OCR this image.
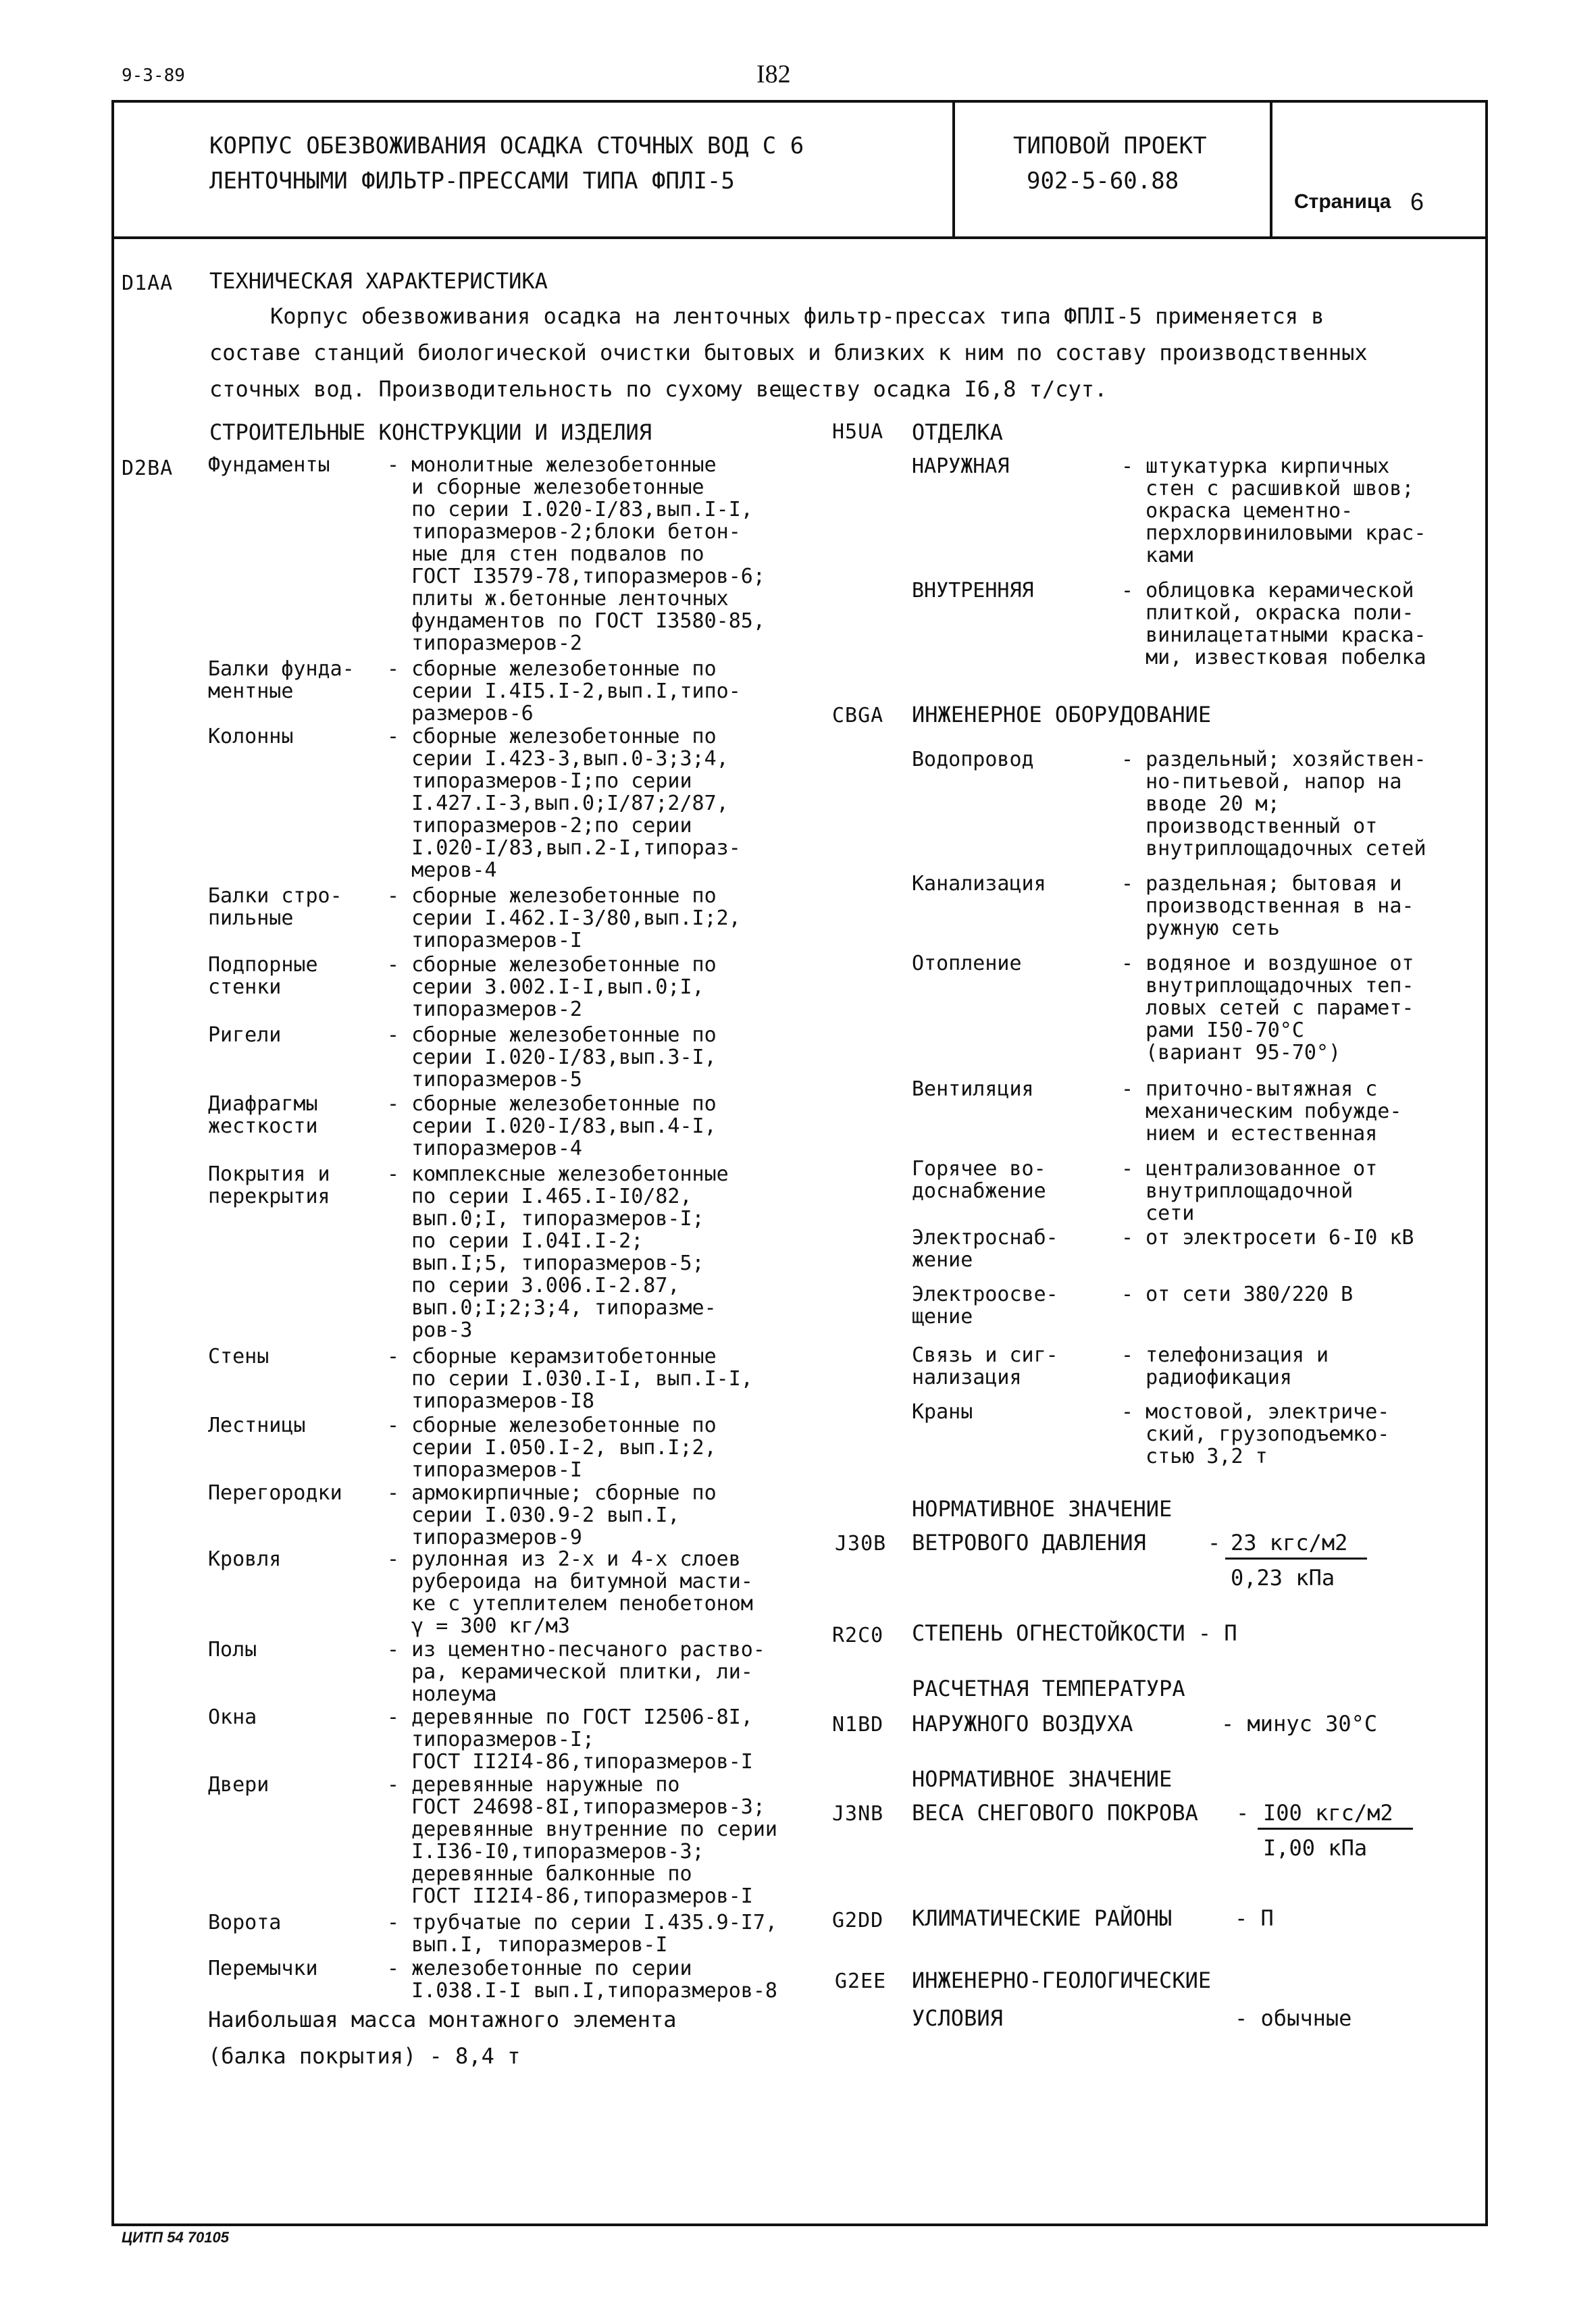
9-3-89	I82
КОРПУС ОБЕЗВОЖИВАНИЯ ОСАДКА СТОЧНЫХ ВОД С 6
ЛЕНТОЧНЫМИ ФИЛЬТР-ПРЕССАМИ ТИПА ФПЛI-5
ТИПОВОЙ ПРОЕКТ
902-5-60.88
Страница 6
D1AA ТЕХНИЧЕСКАЯ ХАРАКТЕРИСТИКА
Корпус обезвоживания осадка на ленточных фильтр-прессах типа ФПЛI-5 применяется в
составе станций биологической очистки бытовых и близких к ним по составу производственных
сточных вод. Производительность по сухому веществу осадка I6,8 т/сут.
СТРОИТЕЛЬНЫЕ КОНСТРУКЦИИ И ИЗДЕЛИЯ
D2BA Фундаменты	- монолитные железобетонные
и сборные железобетонные
по серии I.020-I/83,вып.I-I,
типоразмеров-2;блоки бетон-
ные для стен подвалов по
ГОСТ I3579-78,типоразмеров-6;
плиты ж.бетонные ленточных
фундаментов по ГОСТ I3580-85,
типоразмеров-2
Балки фунда-
ментные
- сборные железобетонные по
серии I.4I5.I-2,вып.I,типо-
размеров-6
Колонны	- сборные железобетонные по
серии I.423-3,вып.0-3;3;4,
типоразмеров-I;по серии
I.427.I-3,вып.0;I/87;2/87,
типоразмеров-2;по серии
I.020-I/83,вып.2-I,типораз-
меров-4
Балки стро-
пильные
- сборные железобетонные по
серии I.462.I-3/80,вып.I;2,
типоразмеров-I
Подпорные
стенки
- сборные железобетонные по
серии 3.002.I-I,вып.0;I,
типоразмеров-2
Ригели	- сборные железобетонные по
серии I.020-I/83,вып.3-I,
типоразмеров-5
Диафрагмы
жесткости
- сборные железобетонные по
серии I.020-I/83,вып.4-I,
типоразмеров-4
Покрытия и
перекрытия
- комплексные железобетонные
по серии I.465.I-I0/82,
вып.0;I, типоразмеров-I;
по серии I.04I.I-2;
вып.I;5, типоразмеров-5;
по серии 3.006.I-2.87,
вып.0;I;2;3;4, типоразме-
ров-3
Стены	- сборные керамзитобетонные
по серии I.030.I-I, вып.I-I,
типоразмеров-I8
Лестницы	- сборные железобетонные по
серии I.050.I-2, вып.I;2,
типоразмеров-I
Перегородки - армокирпичные; сборные по
серии I.030.9-2 вып.I,
типоразмеров-9
Кровля	- рулонная из 2-х и 4-х слоев
рубероида на битумной масти-
ке с утеплителем пенобетоном
γ = 300 кг/м3
Полы	- из цементно-песчаного раство-
ра, керамической плитки, ли-
нолеума
Окна	- деревянные по ГОСТ I2506-8I,
типоразмеров-I;
ГОСТ II2I4-86,типоразмеров-I
Двери	- деревянные наружные по
ГОСТ 24698-8I,типоразмеров-3;
деревянные внутренние по серии
I.I36-I0,типоразмеров-3;
деревянные балконные по
ГОСТ II2I4-86,типоразмеров-I
Ворота	- трубчатые по серии I.435.9-I7,
вып.I, типоразмеров-I
Перемычки	- железобетонные по серии
I.038.I-I вып.I,типоразмеров-8
Наибольшая масса монтажного элемента
(балка покрытия) - 8,4 т
H5UA ОТДЕЛКА
НАРУЖНАЯ	- штукатурка кирпичных
стен с расшивкой швов;
окраска цементно-
перхлорвиниловыми крас-
ками
ВНУТРЕННЯЯ	- облицовка керамической
плиткой, окраска поли-
винилацетатными краска-
ми, известковая побелка
CBGA ИНЖЕНЕРНОЕ ОБОРУДОВАНИЕ
Водопровод	- раздельный; хозяйствен-
но-питьевой, напор на
вводе 20 м;
производственный от
внутриплощадочных сетей
Канализация	- раздельная; бытовая и
производственная в на-
ружную сеть
Отопление	- водяное и воздушное от
внутриплощадочных теп-
ловых сетей с парамет-
рами I50-70°С
(вариант 95-70°)
Вентиляция	- приточно-вытяжная с
механическим побужде-
нием и естественная
Горячее во-
доснабжение
- централизованное от
внутриплощадочной
сети
Электроснаб-
жение
- от электросети 6-I0 кВ
Электроосве-
щение
- от сети 380/220 В
Связь и сиг-
нализация
- телефонизация и
радиофикация
Краны	- мостовой, электриче-
ский, грузоподъемко-
стью 3,2 т
НОРМАТИВНОЕ ЗНАЧЕНИЕ
J30B ВЕТРОВОГО ДАВЛЕНИЯ	- 23 кгс/м2
0,23 кПа
R2C0 СТЕПЕНЬ ОГНЕСТОЙКОСТИ - П
РАСЧЕТНАЯ ТЕМПЕРАТУРА
N1BD НАРУЖНОГО ВОЗДУХА	- минус 30°С
НОРМАТИВНОЕ ЗНАЧЕНИЕ
J3NB ВЕСА СНЕГОВОГО ПОКРОВА - I00 кгс/м2
I,00 кПа
G2DD КЛИМАТИЧЕСКИЕ РАЙОНЫ	- П
G2EE ИНЖЕНЕРНО-ГЕОЛОГИЧЕСКИЕ
УСЛОВИЯ	- обычные
ЦИТП 54 70105
